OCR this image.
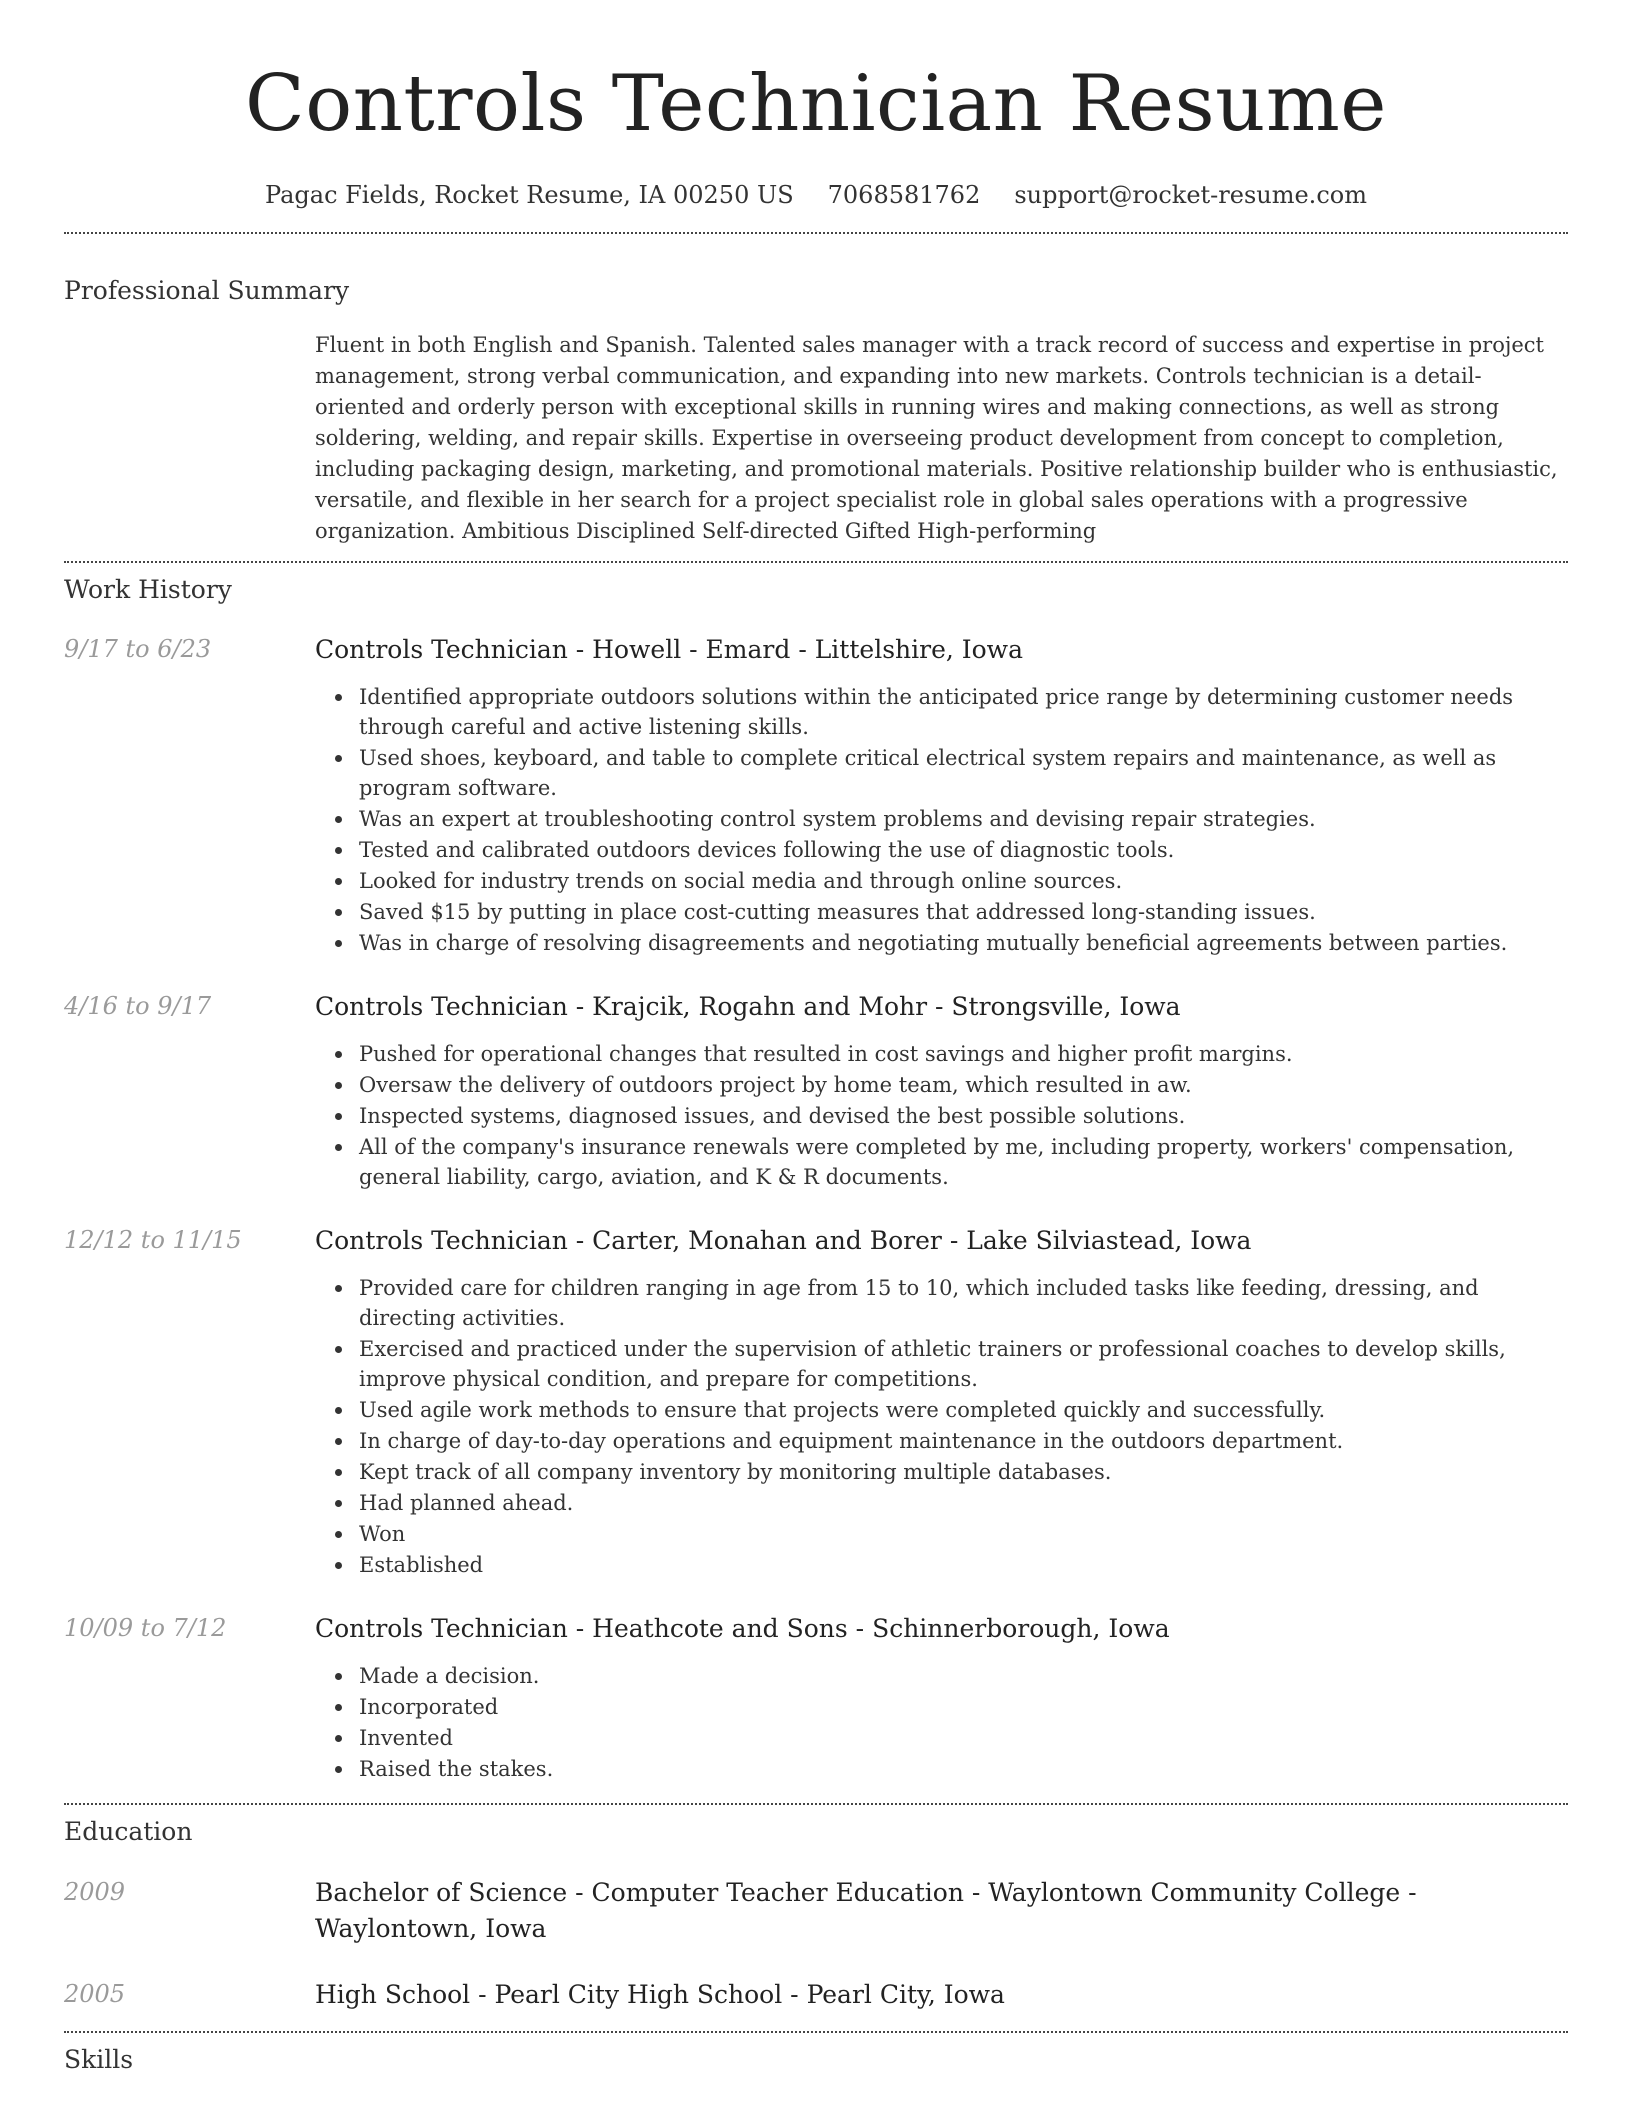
Controls Technician Resume
Pagac Fields, Rocket Resume, IA 00250 US 7068581762 support@rocket-resume.com
Professional Summary

Fluent in both English and Spanish. Talented sales manager with a track record of success and expertise in project management, strong verbal communication, and expanding into new markets. Controls technician is a detail-oriented and orderly person with exceptional skills in running wires and making connections, as well as strong soldering, welding, and repair skills. Expertise in overseeing product development from concept to completion, including packaging design, marketing, and promotional materials. Positive relationship builder who is enthusiastic, versatile, and flexible in her search for a project specialist role in global sales operations with a progressive organization. Ambitious Disciplined Self-directed Gifted High-performing

Work History
9/17 to 6/23	Controls Technician - Howell - Emard - Littelshire, Iowa
Identified appropriate outdoors solutions within the anticipated price range by determining customer needs through careful and active listening skills.
Used shoes, keyboard, and table to complete critical electrical system repairs and maintenance, as well as program software.
Was an expert at troubleshooting control system problems and devising repair strategies.
Tested and calibrated outdoors devices following the use of diagnostic tools.
Looked for industry trends on social media and through online sources.
Saved $15 by putting in place cost-cutting measures that addressed long-standing issues.
Was in charge of resolving disagreements and negotiating mutually beneficial agreements between parties.
4/16 to 9/17	Controls Technician - Krajcik, Rogahn and Mohr - Strongsville, Iowa
Pushed for operational changes that resulted in cost savings and higher profit margins.
Oversaw the delivery of outdoors project by home team, which resulted in aw.
Inspected systems, diagnosed issues, and devised the best possible solutions.
All of the company's insurance renewals were completed by me, including property, workers' compensation, general liability, cargo, aviation, and K & R documents.
12/12 to 11/15	Controls Technician - Carter, Monahan and Borer - Lake Silviastead, Iowa
Provided care for children ranging in age from 15 to 10, which included tasks like feeding, dressing, and directing activities.
Exercised and practiced under the supervision of athletic trainers or professional coaches to develop skills, improve physical condition, and prepare for competitions.
Used agile work methods to ensure that projects were completed quickly and successfully.
In charge of day-to-day operations and equipment maintenance in the outdoors department.
Kept track of all company inventory by monitoring multiple databases.
Had planned ahead.
Won
Established
10/09 to 7/12	Controls Technician - Heathcote and Sons - Schinnerborough, Iowa
Made a decision.
Incorporated
Invented
Raised the stakes.
Education
2009	Bachelor of Science - Computer Teacher Education - Waylontown Community College - Waylontown, Iowa
2005	High School - Pearl City High School - Pearl City, Iowa
Skills
